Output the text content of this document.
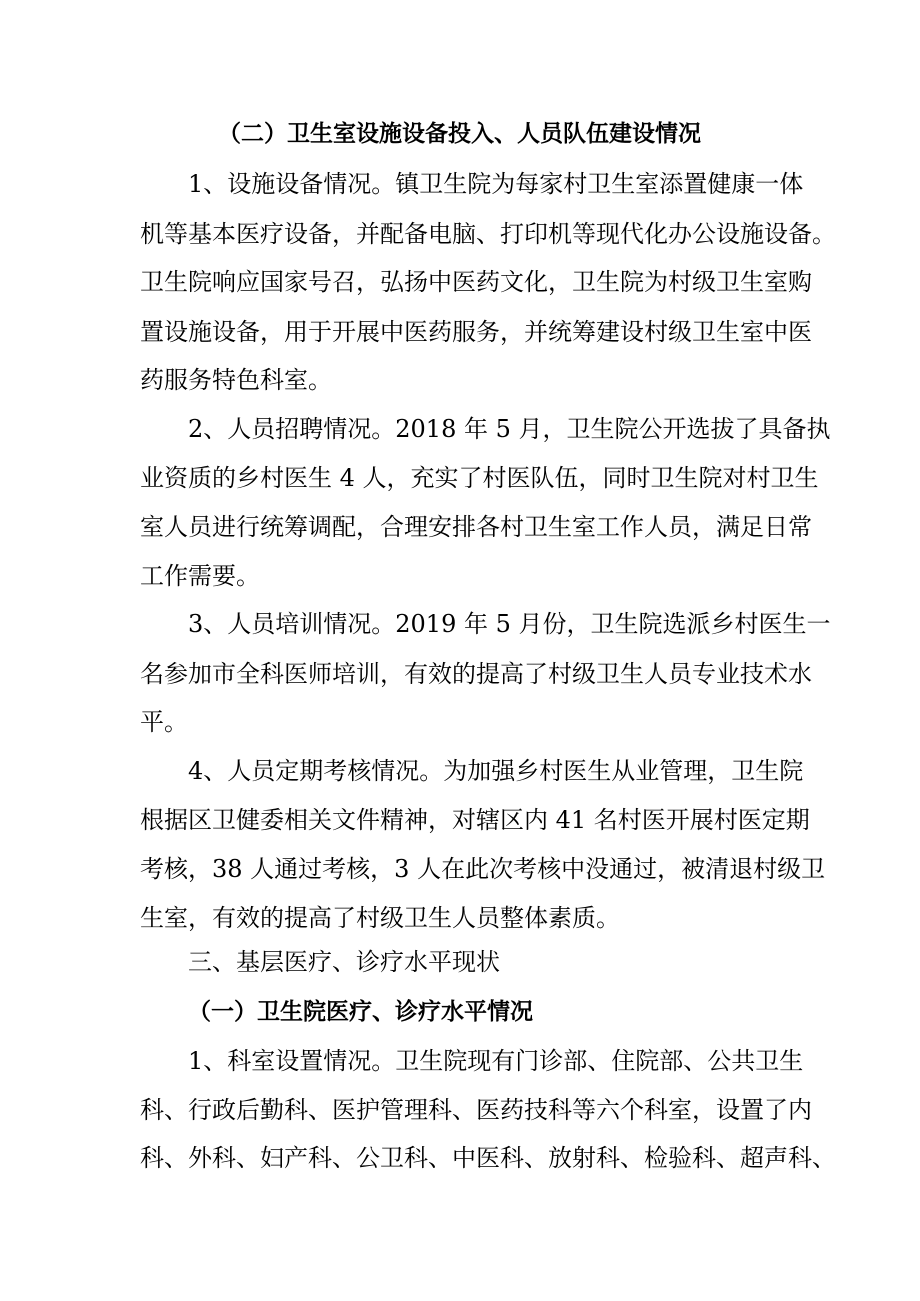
（二）卫生室设施设备投入、人员队伍建设情况
1、设施设备情况。镇卫生院为每家村卫生室添置健康一体
机等基本医疗设备，并配备电脑、打印机等现代化办公设施设备。
卫生院响应国家号召，弘扬中医药文化，卫生院为村级卫生室购
置设施设备，用于开展中医药服务，并统筹建设村级卫生室中医
药服务特色科室。
2、人员招聘情况。2018 年 5 月，卫生院公开选拔了具备执
业资质的乡村医生 4 人，充实了村医队伍，同时卫生院对村卫生
室人员进行统筹调配，合理安排各村卫生室工作人员，满足日常
工作需要。
3、人员培训情况。2019 年 5 月份，卫生院选派乡村医生一
名参加市全科医师培训，有效的提高了村级卫生人员专业技术水
平。
4、人员定期考核情况。为加强乡村医生从业管理，卫生院
根据区卫健委相关文件精神，对辖区内 41 名村医开展村医定期
考核，38 人通过考核，3 人在此次考核中没通过，被清退村级卫
生室，有效的提高了村级卫生人员整体素质。
三、基层医疗、诊疗水平现状
（一）卫生院医疗、诊疗水平情况
1、科室设置情况。卫生院现有门诊部、住院部、公共卫生
科、行政后勤科、医护管理科、医药技科等六个科室，设置了内
科、外科、妇产科、公卫科、中医科、放射科、检验科、超声科、
